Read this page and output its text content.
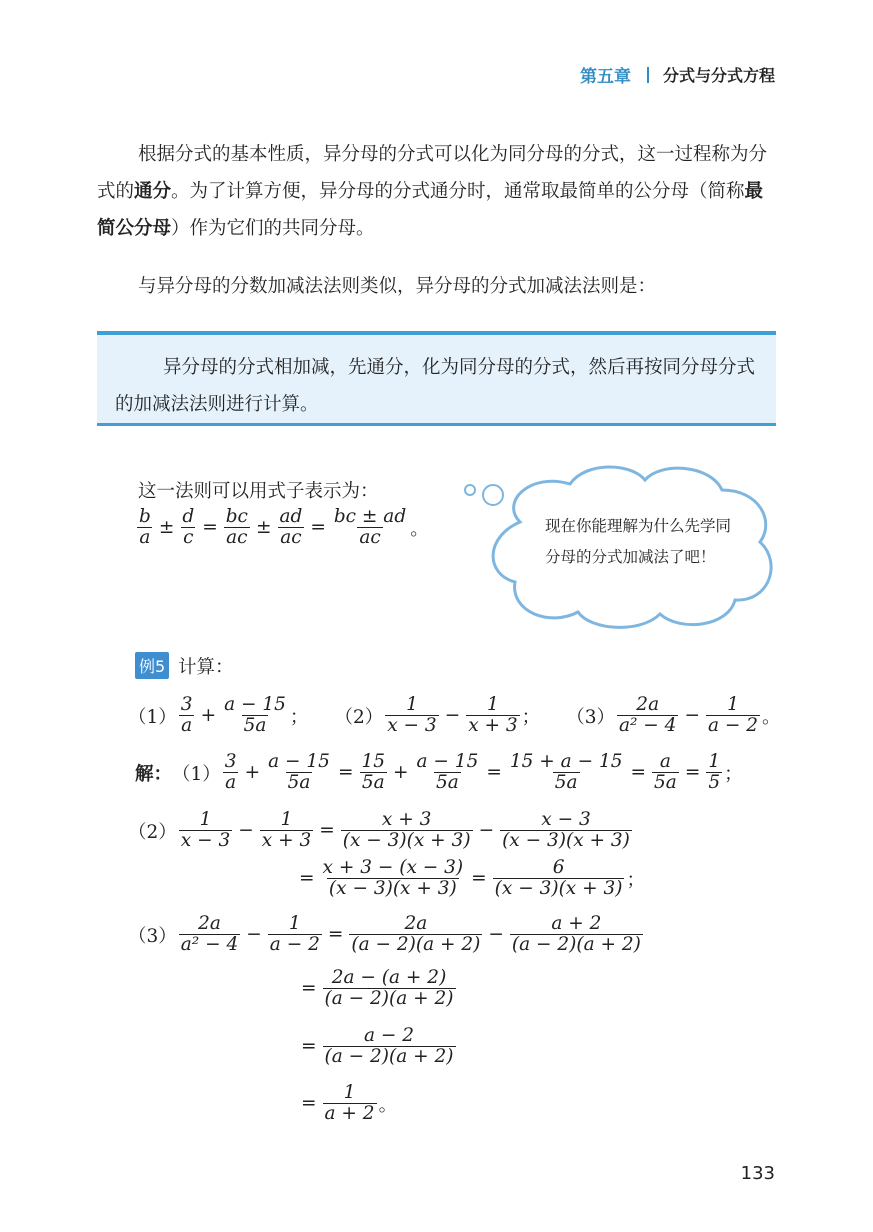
第五章 分式与分式方程
根据分式的基本性质，异分母的分式可以化为同分母的分式，这一过程称为分式的通分。为了计算方便，异分母的分式通分时，通常取最简单的公分母（简称最简公分母）作为它们的共同分母。
与异分母的分数加减法法则类似，异分母的分式加减法法则是：
异分母的分式相加减，先通分，化为同分母的分式，然后再按同分母分式的加减法法则进行计算。
这一法则可以用式子表示为：
$\frac{b}{a} \pm \frac{d}{c} = \frac{bc}{ac} \pm \frac{ad}{ac} = \frac{bc \pm ad}{ac}$ 。	现在你能理解为什么先学同分母的分式加减法了吧！
例5 计算：
$(1) \frac{3}{a} + \frac{a - 15}{5a}$ ； $(2) \frac{1}{x - 3} - \frac{1}{x + 3}$ ； $(3) \frac{2a}{\text{a² − 4}} - \frac{1}{a - 2}$ 。
解： $(1) \frac{3}{a} + \frac{a - 15}{5a} = \frac{15}{5a} + \frac{a - 15}{5a} = \frac{15 + a - 15}{5a} = \frac{a}{5a} = \frac{1}{5}$ ；
$(2) \frac{1}{x - 3} - \frac{1}{x + 3} = \frac{x + 3}{(x - 3)(x + 3)} - \frac{x - 3}{(x - 3)(x + 3)}$
= $\frac{x + 3 - (x - 3)}{(x - 3)(x + 3)} = \frac{6}{(x - 3)(x + 3)}$ ；
$(3) \frac{2a}{\text{a² − 4}} - \frac{1}{a - 2} = \frac{2a}{(a - 2)(a + 2)} - \frac{a + 2}{(a - 2)(a + 2)}$
= $\frac{2a - (a + 2)}{(a - 2)(a + 2)}$
= $\frac{a - 2}{(a - 2)(a + 2)}$
= $\frac{1}{a + 2}$ 。
133
